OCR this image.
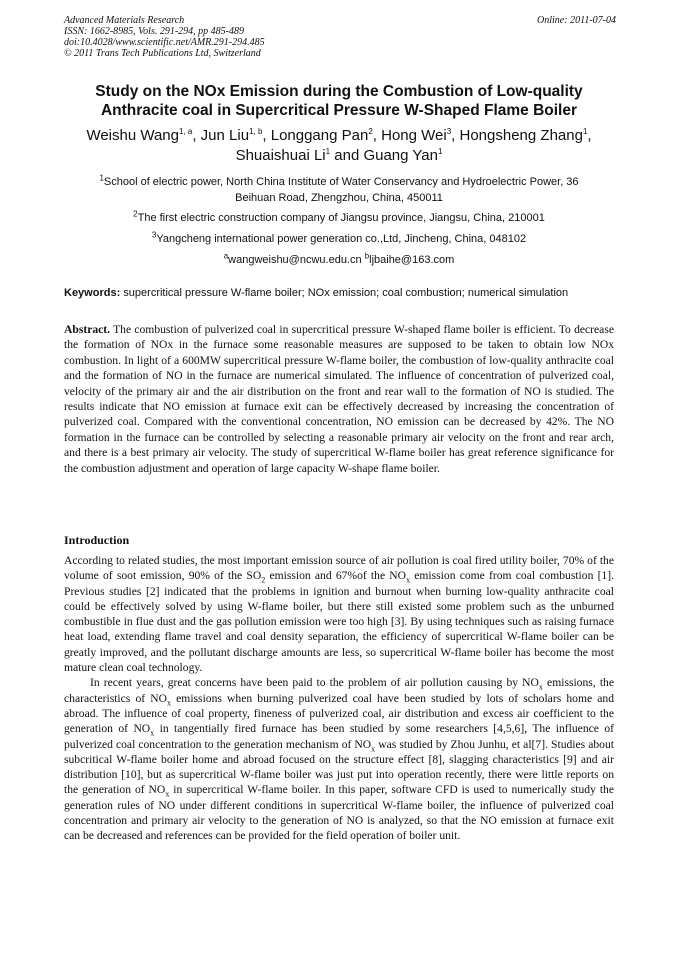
Advanced Materials Research
ISSN: 1662-8985, Vols. 291-294, pp 485-489
doi:10.4028/www.scientific.net/AMR.291-294.485
© 2011 Trans Tech Publications Ltd, Switzerland
Online: 2011-07-04
Study on the NOx Emission during the Combustion of Low-quality
Anthracite coal in Supercritical Pressure W-Shaped Flame Boiler
Weishu Wang$^{1, a}$, Jun Liu$^{1, b}$, Longgang Pan$^2$, Hong Wei$^3$, Hongsheng Zhang$^1$,
Shuaishuai Li$^1$ and Guang Yan$^1$
$^1$School of electric power, North China Institute of Water Conservancy and Hydroelectric Power, 36
Beihuan Road, Zhengzhou, China, 450011
$^2$The first electric construction company of Jiangsu province, Jiangsu, China, 210001
$^3$Yangcheng international power generation co.,Ltd, Jincheng, China, 048102
$^a$wangweishu@ncwu.edu.cn $^b$ljbaihe@163.com
Keywords: supercritical pressure W-flame boiler; NOx emission; coal combustion; numerical simulation
Abstract. The combustion of pulverized coal in supercritical pressure W-shaped flame boiler is efficient. To decrease the formation of NOx in the furnace some reasonable measures are supposed to be taken to obtain low NOx combustion. In light of a 600MW supercritical pressure W-flame boiler, the combustion of low-quality anthracite coal and the formation of NO in the furnace are numerical simulated. The influence of concentration of pulverized coal, velocity of the primary air and the air distribution on the front and rear wall to the formation of NO is studied. The results indicate that NO emission at furnace exit can be effectively decreased by increasing the concentration of pulverized coal. Compared with the conventional concentration, NO emission can be decreased by 42%. The NO formation in the furnace can be controlled by selecting a reasonable primary air velocity on the front and rear arch, and there is a best primary air velocity. The study of supercritical W-flame boiler has great reference significance for the combustion adjustment and operation of large capacity W-shape flame boiler.
Introduction

According to related studies, the most important emission source of air pollution is coal fired utility boiler, 70% of the volume of soot emission, 90% of the $SO_2$ emission and 67%of the $NO_x$ emission come from coal combustion [1]. Previous studies [2] indicated that the problems in ignition and burnout when burning low-quality anthracite coal could be effectively solved by using W-flame boiler, but there still existed some problem such as the unburned combustible in flue dust and the gas pollution emission were too high [3]. By using techniques such as raising furnace heat load, extending flame travel and coal density separation, the efficiency of supercritical W-flame boiler can be greatly improved, and the pollutant discharge amounts are less, so supercritical W-flame boiler has become the most mature clean coal technology.

In recent years, great concerns have been paid to the problem of air pollution causing by $NO_x$ emissions, the characteristics of $NO_x$ emissions when burning pulverized coal have been studied by lots of scholars home and abroad. The influence of coal property, fineness of pulverized coal, air distribution and excess air coefficient to the generation of $NO_x$ in tangentially fired furnace has been studied by some researchers [4,5,6], The influence of pulverized coal concentration to the generation mechanism of $NO_x$ was studied by Zhou Junhu, et al[7]. Studies about subcritical W-flame boiler home and abroad focused on the structure effect [8], slagging characteristics [9] and air distribution [10], but as supercritical W-flame boiler was just put into operation recently, there were little reports on the generation of $NO_x$ in supercritical W-flame boiler. In this paper, software CFD is used to numerically study the generation rules of NO under different conditions in supercritical W-flame boiler, the influence of pulverized coal concentration and primary air velocity to the generation of NO is analyzed, so that the NO emission at furnace exit can be decreased and references can be provided for the field operation of boiler unit.
